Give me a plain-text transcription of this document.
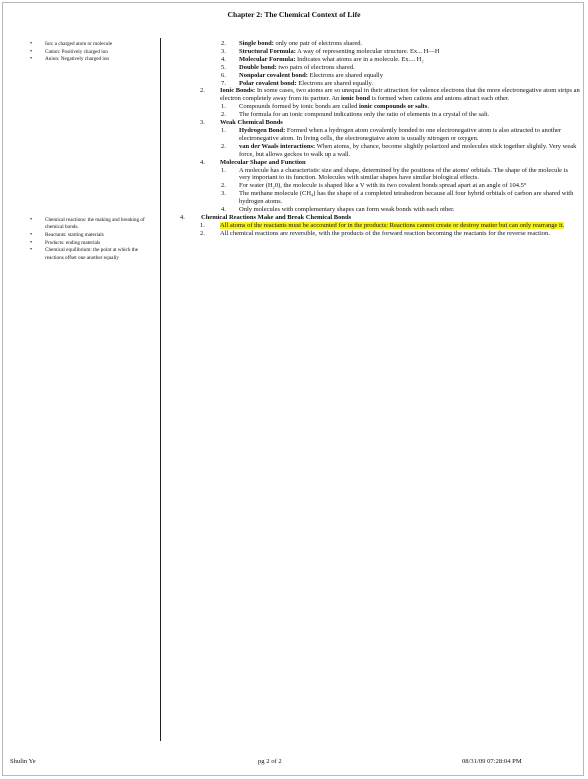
Chapter 2: The Chemical Context of Life
• Ion: a charged atom or molecule
• Cation: Positively charged ion
• Anion: Negatively charged ion
• Chemical reactions: the making and breaking of chemical bonds.
• Reactants: starting materials
• Products: ending materials
• Chemical equilibrium: the point at which the reactions offset one another equally
2. Single bond: only one pair of electrons shared.
3. Structural Formula: A way of representing molecular structure. Ex... H—H
4. Molecular Formula: Indicates what atoms are in a molecule. Ex.... H₂
5. Double bond: two pairs of electrons shared.
6. Nonpolar covalent bond: Electrons are shared equally
7. Polar covalent bond: Electrons are shared equally.
2. Ionic Bonds: In some cases, two atoms are so unequal in their attraction for valence electrons that the more electronegative atom strips an electron completely away from its partner. An ionic bond is formed when cations and anions attract each other.
1. Compounds formed by ionic bonds are called ionic compounds or salts.
2. The formula for an ionic compound indications only the ratio of elements in a crystal of the salt.
3. Weak Chemical Bonds
1. Hydrogen Bond: Formed when a hydrogen atom covalently bonded to one electronegative atom is also attracted to another electronegative atom. In living cells, the electronegtaive atom is usually nitrogen or oxygen.
2. van der Waals interactions: When atoms, by chance, become slightly polarized and molecules stick together slightly. Very weak force, but allows geckos to walk up a wall.
4. Molecular Shape and Function
1. A molecule has a characteristic size and shape, determined by the positions of the atoms' orbitals. The shape of the molecule is very important to its function. Molecules with similar shapes have similar biological effects.
2. For water (H₂0), the molecule is shaped like a V with its two covalent bonds spread apart at an angle of 104.5°
3. The methane molecule (CH₄) has the shape of a completed tetrahedron because all four hybrid orbitals of carbon are shared with hydrogen atoms.
4. Only molecules with complementary shapes can form weak bonds with each other.
4. Chemical Reactions Make and Break Chemical Bonds
1. All atoms of the reactants must be accounted for in the products: Reactions cannot create or destroy matter but can only rearrange it.
2. All chemical reactions are reversible, with the products of the forward reaction becoming the reactants for the reverse reaction.
Shulin Ye	pg 2 of 2	08/31/09 07:28:04 PM
